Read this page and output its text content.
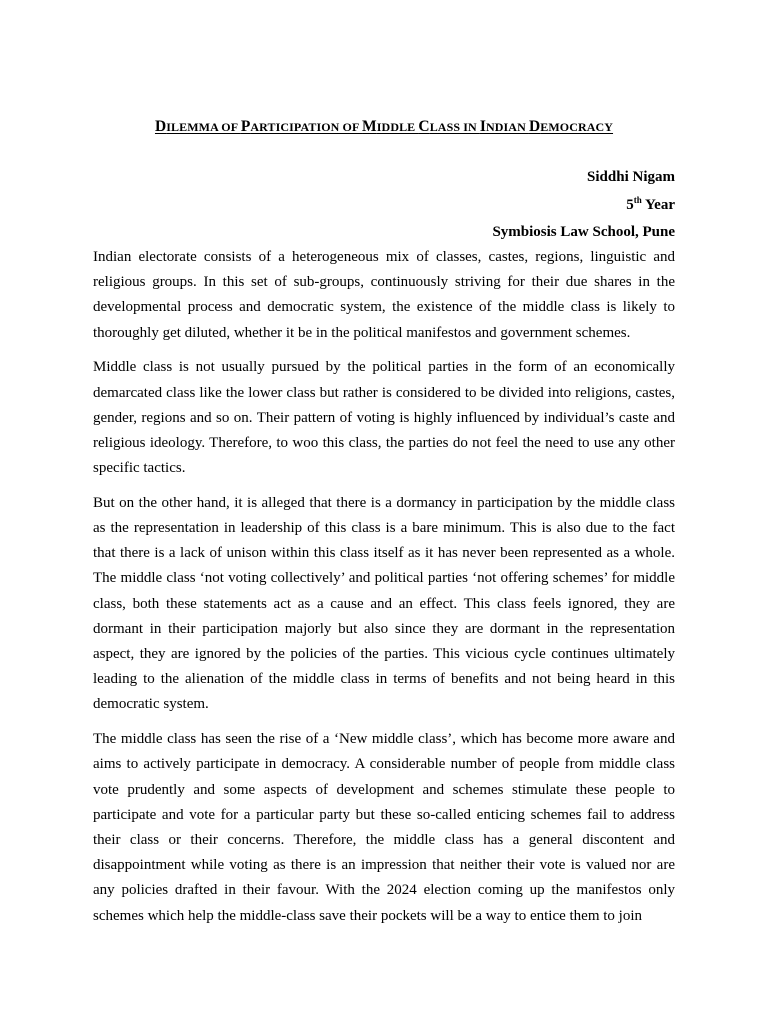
DILEMMA OF PARTICIPATION OF MIDDLE CLASS IN INDIAN DEMOCRACY
Siddhi Nigam
5th Year
Symbiosis Law School, Pune

Indian electorate consists of a heterogeneous mix of classes, castes, regions, linguistic and religious groups. In this set of sub-groups, continuously striving for their due shares in the developmental process and democratic system, the existence of the middle class is likely to thoroughly get diluted, whether it be in the political manifestos and government schemes.

Middle class is not usually pursued by the political parties in the form of an economically demarcated class like the lower class but rather is considered to be divided into religions, castes, gender, regions and so on. Their pattern of voting is highly influenced by individual’s caste and religious ideology. Therefore, to woo this class, the parties do not feel the need to use any other specific tactics.

But on the other hand, it is alleged that there is a dormancy in participation by the middle class as the representation in leadership of this class is a bare minimum. This is also due to the fact that there is a lack of unison within this class itself as it has never been represented as a whole. The middle class ‘not voting collectively’ and political parties ‘not offering schemes’ for middle class, both these statements act as a cause and an effect. This class feels ignored, they are dormant in their participation majorly but also since they are dormant in the representation aspect, they are ignored by the policies of the parties. This vicious cycle continues ultimately leading to the alienation of the middle class in terms of benefits and not being heard in this democratic system.

The middle class has seen the rise of a ‘New middle class’, which has become more aware and aims to actively participate in democracy. A considerable number of people from middle class vote prudently and some aspects of development and schemes stimulate these people to participate and vote for a particular party but these so-called enticing schemes fail to address their class or their concerns. Therefore, the middle class has a general discontent and disappointment while voting as there is an impression that neither their vote is valued nor are any policies drafted in their favour. With the 2024 election coming up the manifestos only schemes which help the middle-class save their pockets will be a way to entice them to join
